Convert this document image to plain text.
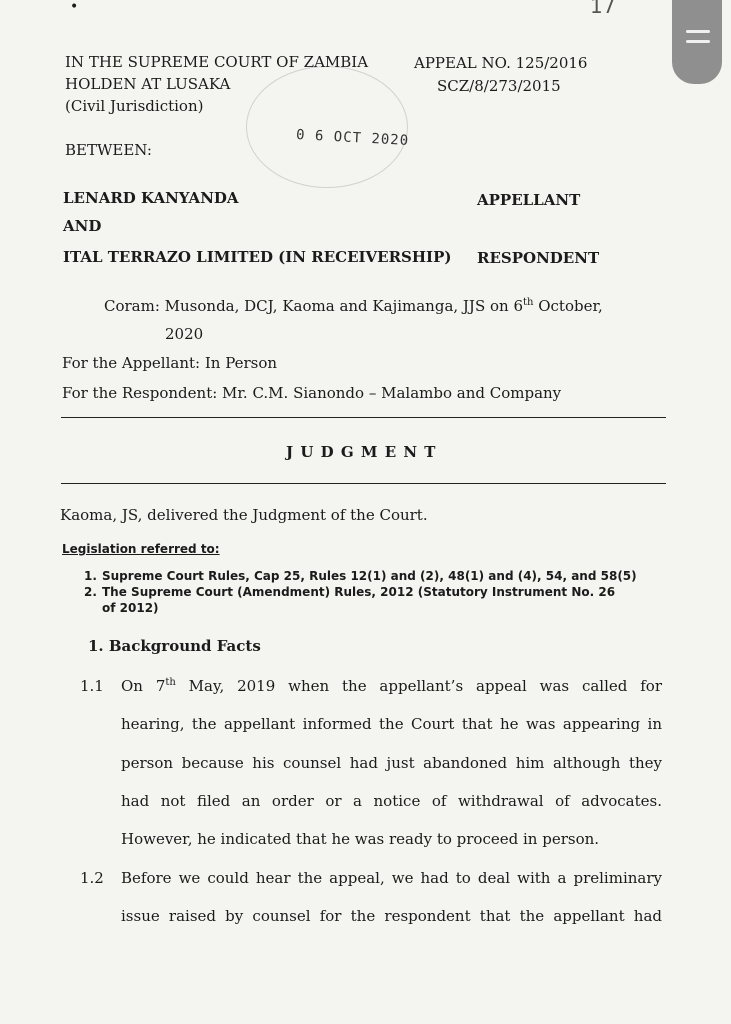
•	17
0 6 OCT 2020
IN THE SUPREME COURT OF ZAMBIA
HOLDEN AT LUSAKA
(Civil Jurisdiction)
APPEAL NO. 125/2016
SCZ/8/273/2015
BETWEEN:
LENARD KANYANDA	APPELLANT
AND
ITAL TERRAZO LIMITED (IN RECEIVERSHIP) RESPONDENT
Coram: Musonda, DCJ, Kaoma and Kajimanga, JJS on 6th October,
2020
For the Appellant: In Person
For the Respondent: Mr. C.M. Sianondo – Malambo and Company
J U D G M E N T
Kaoma, JS, delivered the Judgment of the Court.
Legislation referred to:
1. Supreme Court Rules, Cap 25, Rules 12(1) and (2), 48(1) and (4), 54, and 58(5)
2. The Supreme Court (Amendment) Rules, 2012 (Statutory Instrument No. 26
of 2012)
1. Background Facts
1.1 On 7th May, 2019 when the appellant’s appeal was called for
hearing, the appellant informed the Court that he was appearing in
person because his counsel had just abandoned him although they
had not filed an order or a notice of withdrawal of advocates.
However, he indicated that he was ready to proceed in person.
1.2 Before we could hear the appeal, we had to deal with a preliminary
issue raised by counsel for the respondent that the appellant had
